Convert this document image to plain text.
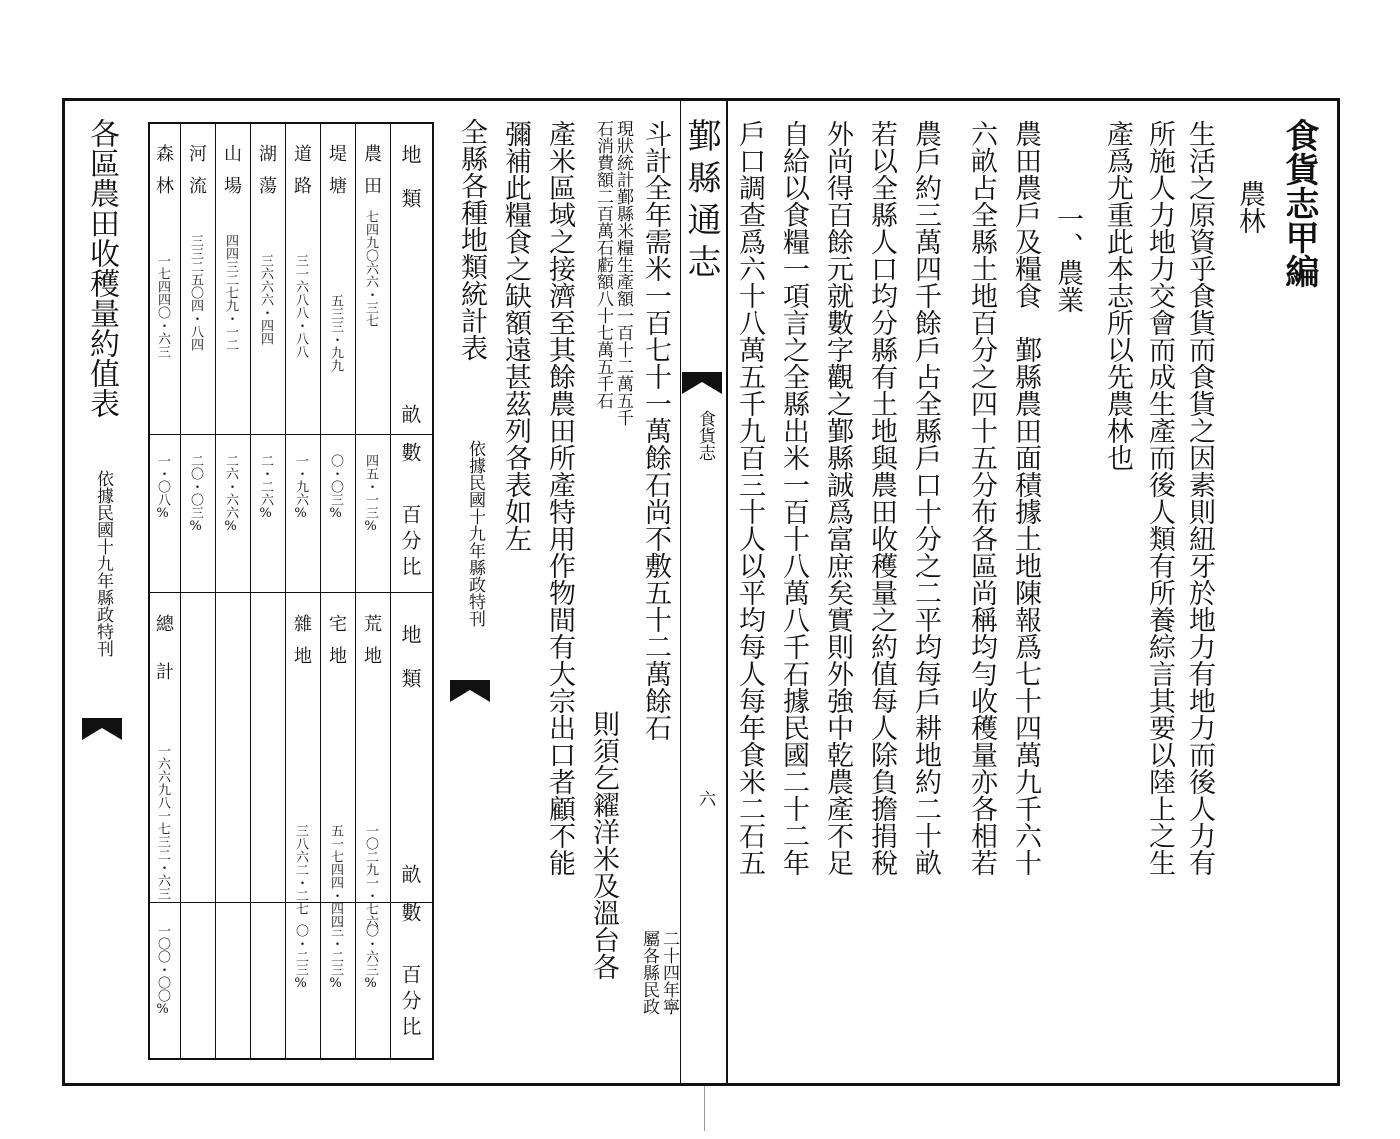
食貨志甲編
農林
生活之原資乎食貨而食貨之因素則紐牙於地力有地力而後人力有
所施人力地力交會而成生產而後人類有所養綜言其要以陸上之生
產爲尤重此本志所以先農林也
一、農業
農田農戶及糧食　鄞縣農田面積據土地陳報爲七十四萬九千六十
六畝占全縣土地百分之四十五分布各區尚稱均勻收穫量亦各相若
農戶約三萬四千餘戶占全縣戶口十分之二平均每戶耕地約二十畝
若以全縣人口均分縣有土地與農田收穫量之約值每人除負擔捐稅
外尚得百餘元就數字觀之鄞縣誠爲富庶矣實則外強中乾農產不足
自給以食糧一項言之全縣出米一百十八萬八千石據民國二十二年
戶口調查爲六十八萬五千九百三十人以平均每人每年食米二石五
鄞縣通志
食貨志
六
斗計全年需米一百七十一萬餘石尚不敷五十二萬餘石
二十四年寧
屬各縣民政
現狀統計鄞縣米糧生產額一百十二萬五千
石消費額二百萬石虧額八十七萬五千石
則須乞糴洋米及溫台各
產米區域之接濟至其餘農田所產特用作物間有大宗出口者顧不能
彌補此糧食之缺額遠甚茲列各表如左
全縣各種地類統計表
依據民國十九年縣政特刊
各區農田收穫量約值表
依據民國十九年縣政特刊
地類
畝數
百分比
地類
畝數
百分比
農田
七四九〇六六・三七
四五・一三%
堤塘
五三三・九九
〇・〇三%
道路
三一六八八・八八
一・九六%
湖蕩
三六六六・四四
二・二六%
山場
四四三二七九・一二
二六・六六%
河流
三三二五〇四・八四
二〇・〇三%
森林
一七四四〇・六三
一・〇八%
荒地
一〇二九一・七六
〇・六三%
宅地
五一七四四・四四
三・二三%
雜地
三八六二・二七
〇・二三%
總計
一六六九八一七三二・六三
一〇〇・〇〇%
